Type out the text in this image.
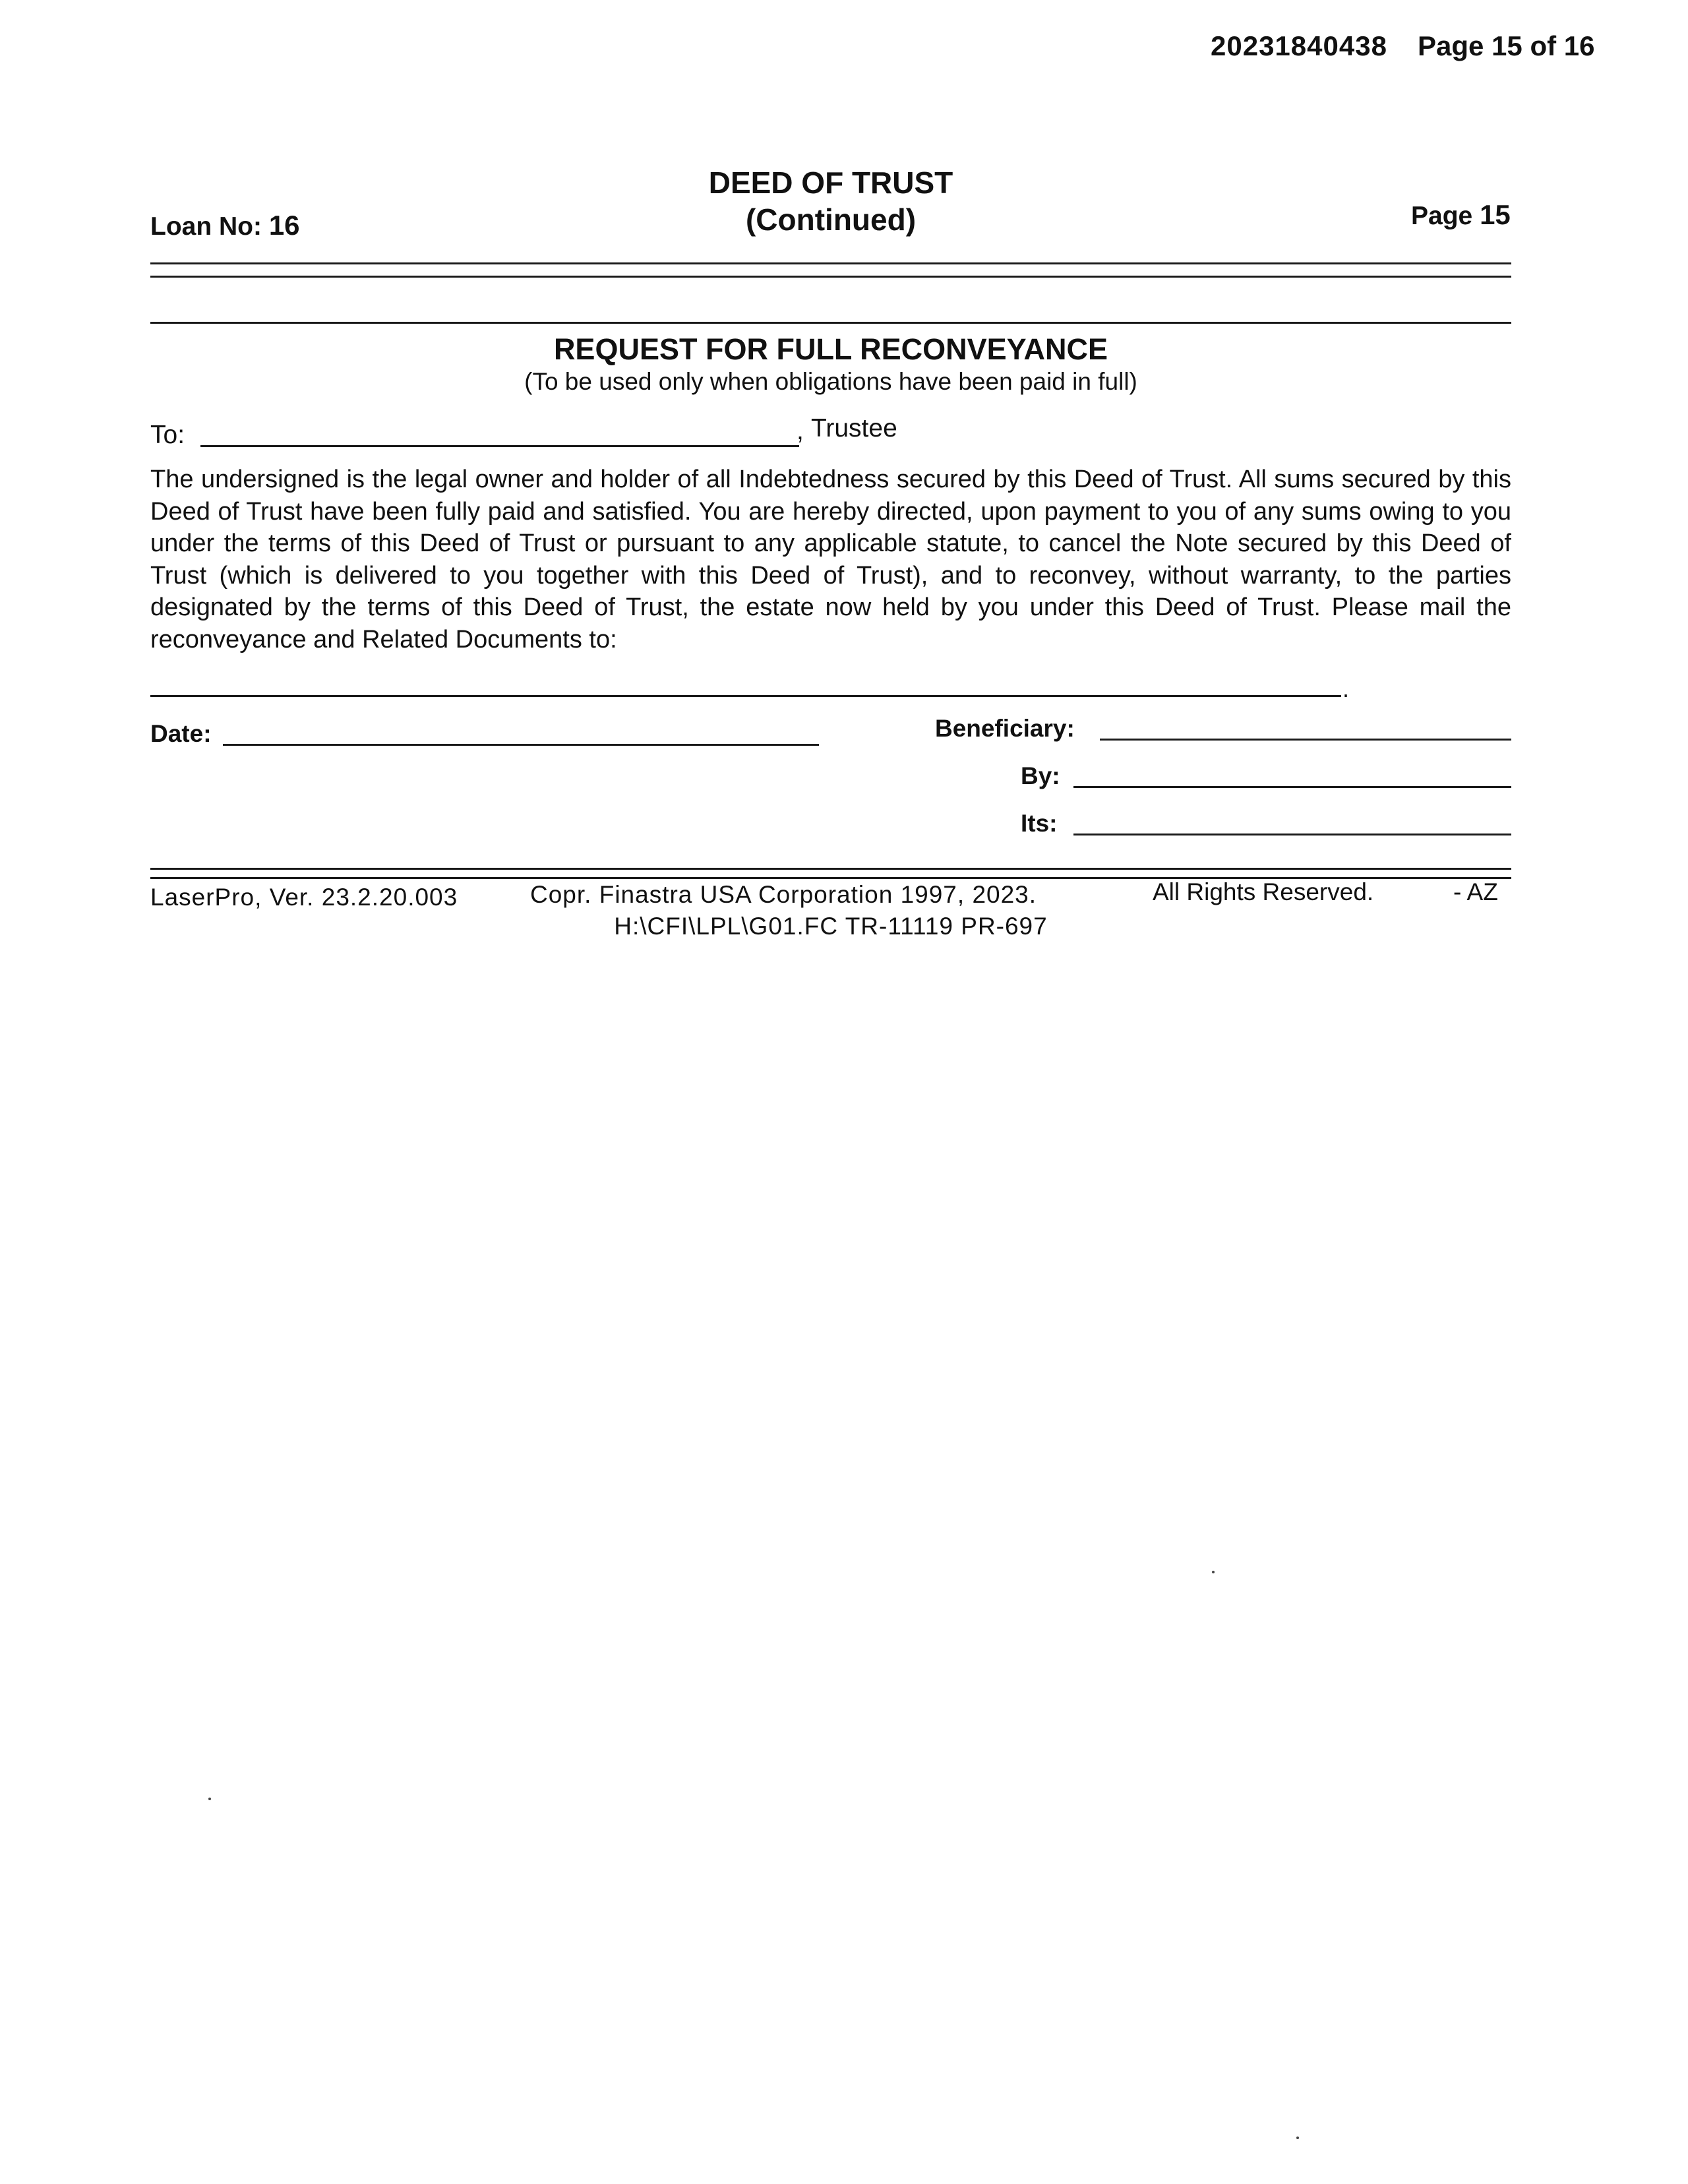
20231840438 Page 15 of 16
DEED OF TRUST
(Continued)
Loan No: 16	Page 15
REQUEST FOR FULL RECONVEYANCE
(To be used only when obligations have been paid in full)
To:	, Trustee
The undersigned is the legal owner and holder of all Indebtedness secured by this Deed of Trust. All sums secured by this Deed of Trust have been fully paid and satisfied. You are hereby directed, upon payment to you of any sums owing to you under the terms of this Deed of Trust or pursuant to any applicable statute, to cancel the Note secured by this Deed of Trust (which is delivered to you together with this Deed of Trust), and to reconvey, without warranty, to the parties designated by the terms of this Deed of Trust, the estate now held by you under this Deed of Trust. Please mail the reconveyance and Related Documents to:
.
Date:	Beneficiary:
By:
Its:
LaserPro, Ver. 23.2.20.003	Copr. Finastra USA Corporation 1997, 2023.	All Rights Reserved.	- AZ
H:\CFI\LPL\G01.FC TR-11119 PR-697
